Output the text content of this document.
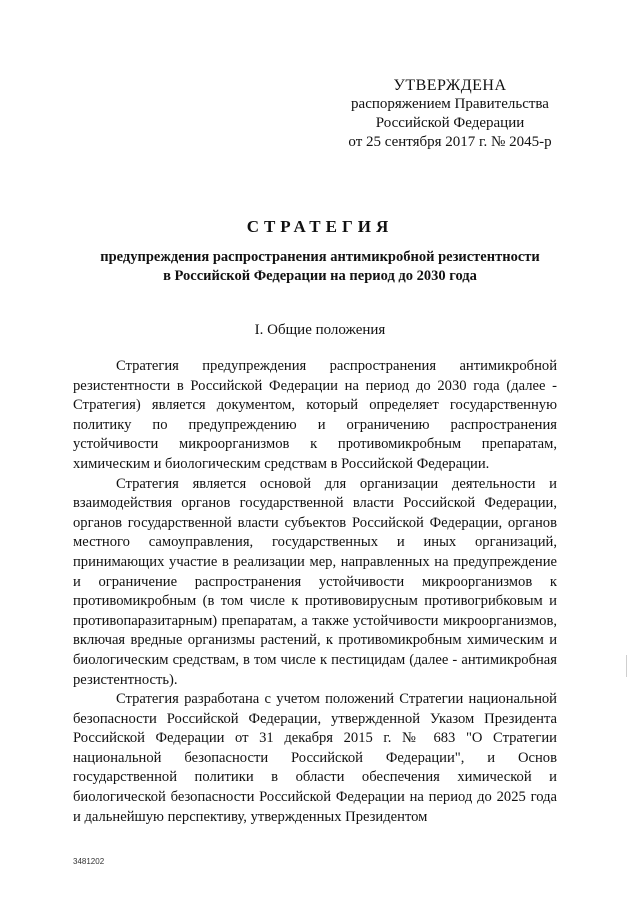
УТВЕРЖДЕНА
распоряжением Правительства
Российской Федерации
от 25 сентября 2017 г. № 2045-р
СТРАТЕГИЯ
предупреждения распространения антимикробной резистентности
в Российской Федерации на период до 2030 года
I. Общие положения

Стратегия предупреждения распространения антимикробной резистентности в Российской Федерации на период до 2030 года (далее - Стратегия) является документом, который определяет государственную политику по предупреждению и ограничению распространения устойчивости микроорганизмов к противомикробным препаратам, химическим и биологическим средствам в Российской Федерации.

Стратегия является основой для организации деятельности и взаимодействия органов государственной власти Российской Федерации, органов государственной власти субъектов Российской Федерации, органов местного самоуправления, государственных и иных организаций, принимающих участие в реализации мер, направленных на предупреждение и ограничение распространения устойчивости микроорганизмов к противомикробным (в том числе к противовирусным противогрибковым и противопаразитарным) препаратам, а также устойчивости микроорганизмов, включая вредные организмы растений, к противомикробным химическим и биологическим средствам, в том числе к пестицидам (далее - антимикробная резистентность).

Стратегия разработана с учетом положений Стратегии национальной безопасности Российской Федерации, утвержденной Указом Президента Российской Федерации от 31 декабря 2015 г. № 683 "О Стратегии национальной безопасности Российской Федерации", и Основ государственной политики в области обеспечения химической и биологической безопасности Российской Федерации на период до 2025 года и дальнейшую перспективу, утвержденных Президентом

3481202
